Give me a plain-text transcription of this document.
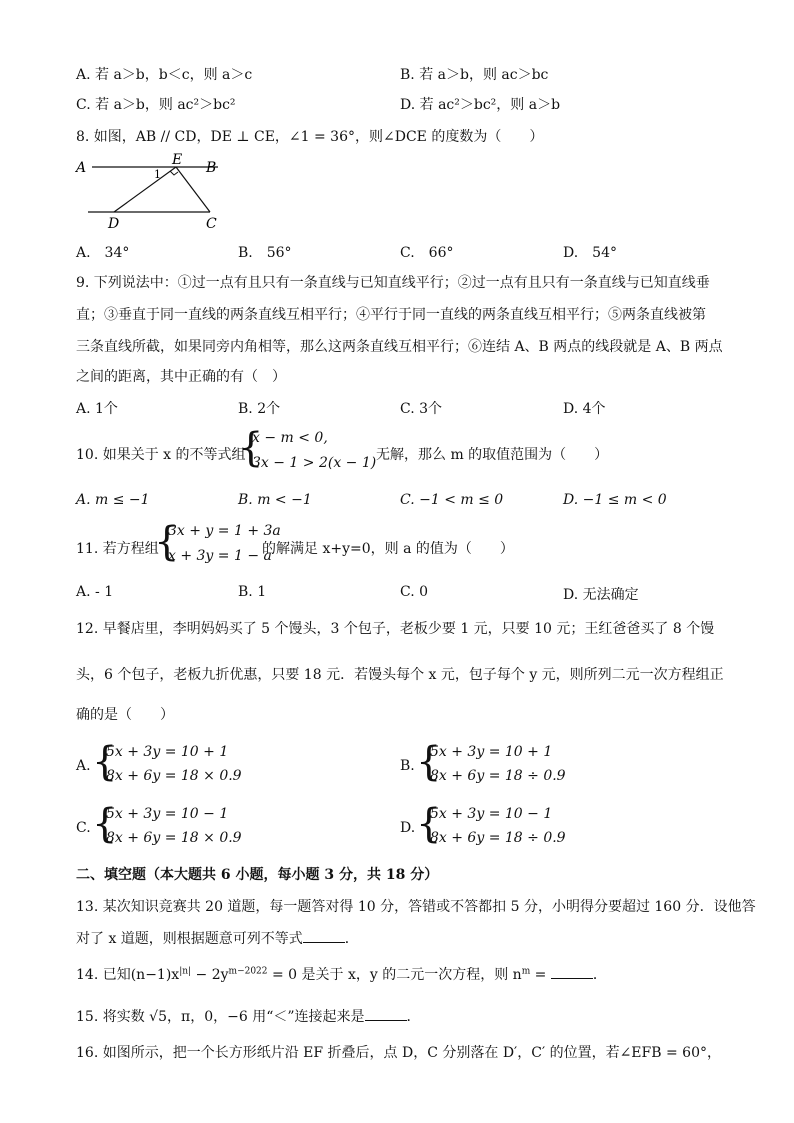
A. 若 a＞b，b＜c，则 a＞c	B. 若 a＞b，则 ac＞bc
C. 若 a＞b，则 ac²＞bc²	D. 若 ac²＞bc²，则 a＞b
8. 如图，AB // CD，DE ⊥ CE，∠1 = 36°，则∠DCE 的度数为（　　）
A	B
E
1
D	C
A.　34°	B.　56°	C.　66°	D.　54°
9. 下列说法中：①过一点有且只有一条直线与已知直线平行；②过一点有且只有一条直线与已知直线垂
直；③垂直于同一直线的两条直线互相平行；④平行于同一直线的两条直线互相平行；⑤两条直线被第
三条直线所截，如果同旁内角相等，那么这两条直线互相平行；⑥连结 A、B 两点的线段就是 A、B 两点
之间的距离，其中正确的有（　）
A. 1个	B. 2个	C. 3个	D. 4个
10. 如果关于 x 的不等式组
{
x − m < 0,
3x − 1 > 2(x − 1) 无解，那么 m 的取值范围为（　　）
A. m ≤ −1	B. m < −1	C. −1 < m ≤ 0	D. −1 ≤ m < 0
11. 若方程组
{
3x + y = 1 + 3a
x + 3y = 1 − a
的解满足 x+y=0，则 a 的值为（　　）
A. - 1	B. 1	C. 0	D. 无法确定
12. 早餐店里，李明妈妈买了 5 个馒头，3 个包子，老板少要 1 元，只要 10 元；王红爸爸买了 8 个馒
头，6 个包子，老板九折优惠，只要 18 元．若馒头每个 x 元，包子每个 y 元，则所列二元一次方程组正
确的是（　　）
A. {
5x + 3y = 10 + 1
8x + 6y = 18 × 0.9
B. {
5x + 3y = 10 + 1
8x + 6y = 18 ÷ 0.9
C. {
5x + 3y = 10 − 1
8x + 6y = 18 × 0.9
D. {
5x + 3y = 10 − 1
8x + 6y = 18 ÷ 0.9
二、填空题（本大题共 6 小题，每小题 3 分，共 18 分）
13. 某次知识竞赛共 20 道题，每一题答对得 10 分，答错或不答都扣 5 分，小明得分要超过 160 分．设他答
对了 x 道题，则根据题意可列不等式	．
14. 已知$(n-1)x^{|n|} - 2y^{m-2022} = 0$ 是关于 x，y 的二元一次方程，则 $n^m$ =	．
15. 将实数 √5，π，0，−6 用“＜”连接起来是	．
16. 如图所示，把一个长方形纸片沿 EF 折叠后，点 D，C 分别落在 D′，C′ 的位置，若∠EFB = 60°，
